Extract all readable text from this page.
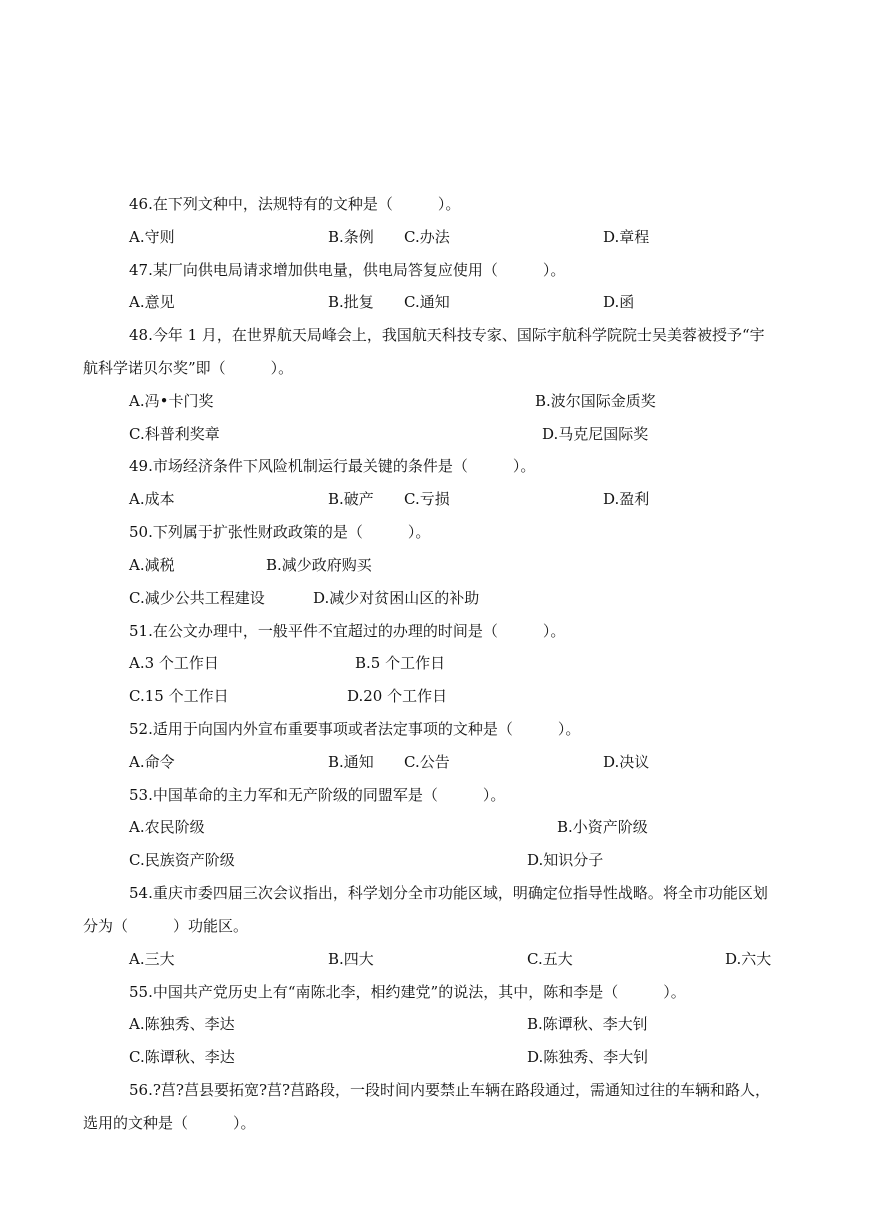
46.在下列文种中，法规特有的文种是（　　　）。
A.守则	B.条例 C.办法	D.章程
47.某厂向供电局请求增加供电量，供电局答复应使用（　　　）。
A.意见	B.批复 C.通知	D.函
48.今年 1 月，在世界航天局峰会上，我国航天科技专家、国际宇航科学院院士吴美蓉被授予“宇
航科学诺贝尔奖”即（　　　）。
A.冯•卡门奖	B.波尔国际金质奖
C.科普利奖章	D.马克尼国际奖
49.市场经济条件下风险机制运行最关键的条件是（　　　）。
A.成本	B.破产 C.亏损	D.盈利
50.下列属于扩张性财政政策的是（　　　）。
A.减税	B.减少政府购买
C.减少公共工程建设	D.减少对贫困山区的补助
51.在公文办理中，一般平件不宜超过的办理的时间是（　　　）。
A.3 个工作日	B.5 个工作日
C.15 个工作日	D.20 个工作日
52.适用于向国内外宣布重要事项或者法定事项的文种是（　　　）。
A.命令	B.通知 C.公告	D.决议
53.中国革命的主力军和无产阶级的同盟军是（　　　）。
A.农民阶级	B.小资产阶级
C.民族资产阶级	D.知识分子
54.重庆市委四届三次会议指出，科学划分全市功能区域，明确定位指导性战略。将全市功能区划
分为（　　　）功能区。
A.三大	B.四大	C.五大	D.六大
55.中国共产党历史上有“南陈北李，相约建党”的说法，其中，陈和李是（　　　）。
A.陈独秀、李达	B.陈谭秋、李大钊
C.陈谭秋、李达	D.陈独秀、李大钊
56.?莒?莒县要拓宽?莒?莒路段，一段时间内要禁止车辆在路段通过，需通知过往的车辆和路人，
选用的文种是（　　　）。
